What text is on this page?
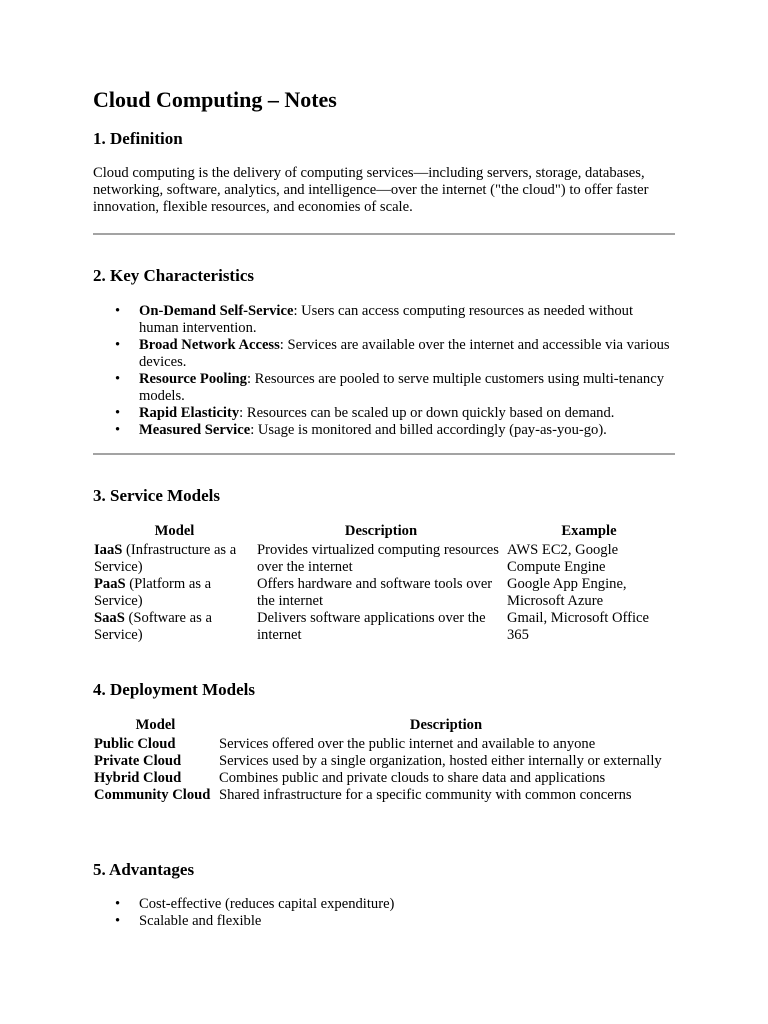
Cloud Computing – Notes
1. Definition

Cloud computing is the delivery of computing services—including servers, storage, databases, networking, software, analytics, and intelligence—over the internet ("the cloud") to offer faster innovation, flexible resources, and economies of scale.

2. Key Characteristics
• On-Demand Self-Service: Users can access computing resources as needed without human intervention.
• Broad Network Access: Services are available over the internet and accessible via various devices.
• Resource Pooling: Resources are pooled to serve multiple customers using multi-tenancy models.
• Rapid Elasticity: Resources can be scaled up or down quickly based on demand.
• Measured Service: Usage is monitored and billed accordingly (pay-as-you-go).
3. Service Models
Model	Description	Example
IaaS (Infrastructure as a Service)	Provides virtualized computing resources over the internet	AWS EC2, Google Compute Engine
PaaS (Platform as a Service)	Offers hardware and software tools over the internet	Google App Engine, Microsoft Azure
SaaS (Software as a Service)	Delivers software applications over the internet	Gmail, Microsoft Office 365
4. Deployment Models
Model	Description
Public Cloud	Services offered over the public internet and available to anyone
Private Cloud	Services used by a single organization, hosted either internally or externally
Hybrid Cloud	Combines public and private clouds to share data and applications
Community Cloud	Shared infrastructure for a specific community with common concerns
5. Advantages
• Cost-effective (reduces capital expenditure)
• Scalable and flexible
